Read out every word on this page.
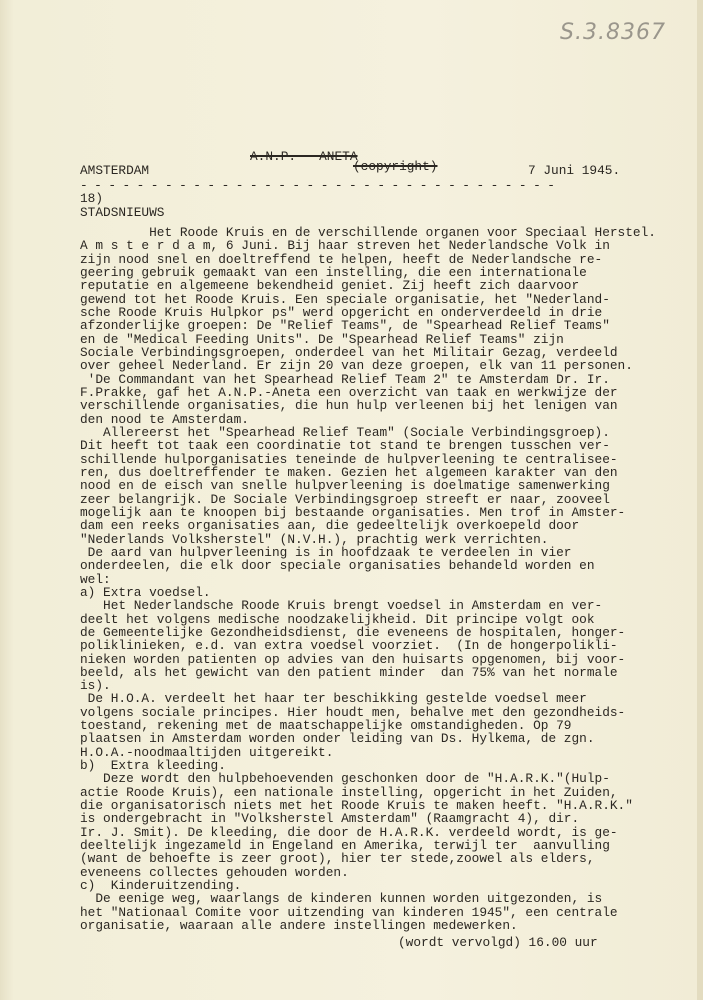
S.3.8367
A.N.P. - ANETA
(copyright)
AMSTERDAM	7 Juni 1945.
- - - - - - - - - - - - - - - - - - - - - - - - - - - - - - - - - -
18)
STADSNIEUWS
Het Roode Kruis en de verschillende organen voor Speciaal Herstel.
A m s t e r d a m, 6 Juni. Bij haar streven het Nederlandsche Volk in
zijn nood snel en doeltreffend te helpen, heeft de Nederlandsche re-
geering gebruik gemaakt van een instelling, die een internationale
reputatie en algemeene bekendheid geniet. Zij heeft zich daarvoor
gewend tot het Roode Kruis. Een speciale organisatie, het "Nederland-
sche Roode Kruis Hulpkor ps" werd opgericht en onderverdeeld in drie
afzonderlijke groepen: De "Relief Teams", de "Spearhead Relief Teams"
en de "Medical Feeding Units". De "Spearhead Relief Teams" zijn
Sociale Verbindingsgroepen, onderdeel van het Militair Gezag, verdeeld
over geheel Nederland. Er zijn 20 van deze groepen, elk van 11 personen.
'De Commandant van het Spearhead Relief Team 2" te Amsterdam Dr. Ir.
F.Prakke, gaf het A.N.P.-Aneta een overzicht van taak en werkwijze der
verschillende organisaties, die hun hulp verleenen bij het lenigen van
den nood te Amsterdam.
Allereerst het "Spearhead Relief Team" (Sociale Verbindingsgroep).
Dit heeft tot taak een coordinatie tot stand te brengen tusschen ver-
schillende hulporganisaties teneinde de hulpverleening te centralisee-
ren, dus doeltreffender te maken. Gezien het algemeen karakter van den
nood en de eisch van snelle hulpverleening is doelmatige samenwerking
zeer belangrijk. De Sociale Verbindingsgroep streeft er naar, zooveel
mogelijk aan te knoopen bij bestaande organisaties. Men trof in Amster-
dam een reeks organisaties aan, die gedeeltelijk overkoepeld door
"Nederlands Volksherstel" (N.V.H.), prachtig werk verrichten.
De aard van hulpverleening is in hoofdzaak te verdeelen in vier
onderdeelen, die elk door speciale organisaties behandeld worden en
wel:
a) Extra voedsel.
Het Nederlandsche Roode Kruis brengt voedsel in Amsterdam en ver-
deelt het volgens medische noodzakelijkheid. Dit principe volgt ook
de Gemeentelijke Gezondheidsdienst, die eveneens de hospitalen, honger-
poliklinieken, e.d. van extra voedsel voorziet.  (In de hongerpolikli-
nieken worden patienten op advies van den huisarts opgenomen, bij voor-
beeld, als het gewicht van den patient minder  dan 75% van het normale
is).
De H.O.A. verdeelt het haar ter beschikking gestelde voedsel meer
volgens sociale principes. Hier houdt men, behalve met den gezondheids-
toestand, rekening met de maatschappelijke omstandigheden. Op 79
plaatsen in Amsterdam worden onder leiding van Ds. Hylkema, de zgn.
H.O.A.-noodmaaltijden uitgereikt.
b)  Extra kleeding.
Deze wordt den hulpbehoevenden geschonken door de "H.A.R.K."(Hulp-
actie Roode Kruis), een nationale instelling, opgericht in het Zuiden,
die organisatorisch niets met het Roode Kruis te maken heeft. "H.A.R.K."
is ondergebracht in "Volksherstel Amsterdam" (Raamgracht 4), dir.
Ir. J. Smit). De kleeding, die door de H.A.R.K. verdeeld wordt, is ge-
deeltelijk ingezameld in Engeland en Amerika, terwijl ter  aanvulling
(want de behoefte is zeer groot), hier ter stede,zoowel als elders,
eveneens collectes gehouden worden.
c)  Kinderuitzending.
De eenige weg, waarlangs de kinderen kunnen worden uitgezonden, is
het "Nationaal Comite voor uitzending van kinderen 1945", een centrale
organisatie, waaraan alle andere instellingen medewerken.
(wordt vervolgd) 16.00 uur
